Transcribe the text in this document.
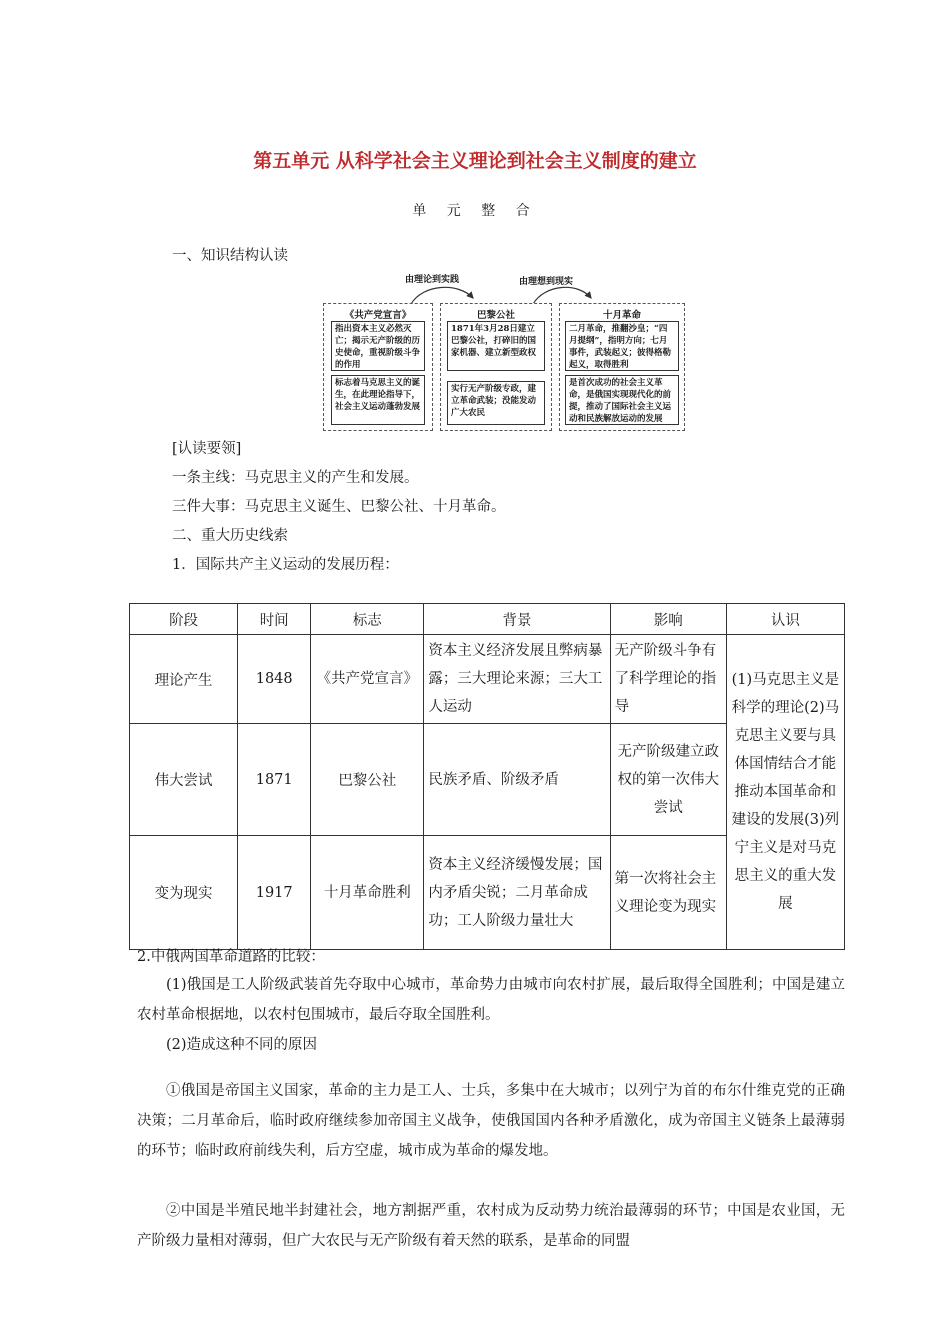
第五单元 从科学社会主义理论到社会主义制度的建立
单 元 整 合
一、知识结构认读
由理论到实践	由理想到现实
《共产党宣言》
指出资本主义必然灭亡；揭示无产阶级的历史使命，重视阶级斗争的作用
标志着马克思主义的诞生，在此理论指导下，社会主义运动蓬勃发展
巴黎公社
1871年3月28日建立巴黎公社，打碎旧的国家机器、建立新型政权
实行无产阶级专政，建立革命武装；没能发动广大农民
十月革命
二月革命，推翻沙皇；“四月提纲”，指明方向；七月事件，武装起义；彼得格勒起义，取得胜利
是首次成功的社会主义革命，是俄国实现现代化的前提，推动了国际社会主义运动和民族解放运动的发展
[认读要领]
一条主线：马克思主义的产生和发展。
三件大事：马克思主义诞生、巴黎公社、十月革命。
二、重大历史线索
1．国际共产主义运动的发展历程：
阶段	时间	标志	背景	影响	认识
理论产生	1848	《共产党宣言》	资本主义经济发展且弊病暴露；三大理论来源；三大工人运动	无产阶级斗争有了科学理论的指导	(1)马克思主义是科学的理论(2)马克思主义要与具体国情结合才能推动本国革命和建设的发展(3)列宁主义是对马克思主义的重大发展
伟大尝试	1871	巴黎公社	民族矛盾、阶级矛盾	无产阶级建立政权的第一次伟大尝试	
变为现实	1917	十月革命胜利	资本主义经济缓慢发展；国内矛盾尖锐；二月革命成功；工人阶级力量壮大	第一次将社会主义理论变为现实	
2.中俄两国革命道路的比较：
(1)俄国是工人阶级武装首先夺取中心城市，革命势力由城市向农村扩展，最后取得全国胜利；中国是建立农村革命根据地，以农村包围城市，最后夺取全国胜利。
(2)造成这种不同的原因
①俄国是帝国主义国家，革命的主力是工人、士兵，多集中在大城市；以列宁为首的布尔什维克党的正确决策；二月革命后，临时政府继续参加帝国主义战争，使俄国国内各种矛盾激化，成为帝国主义链条上最薄弱的环节；临时政府前线失利，后方空虚，城市成为革命的爆发地。
②中国是半殖民地半封建社会，地方割据严重，农村成为反动势力统治最薄弱的环节；中国是农业国，无产阶级力量相对薄弱，但广大农民与无产阶级有着天然的联系，是革命的同盟
